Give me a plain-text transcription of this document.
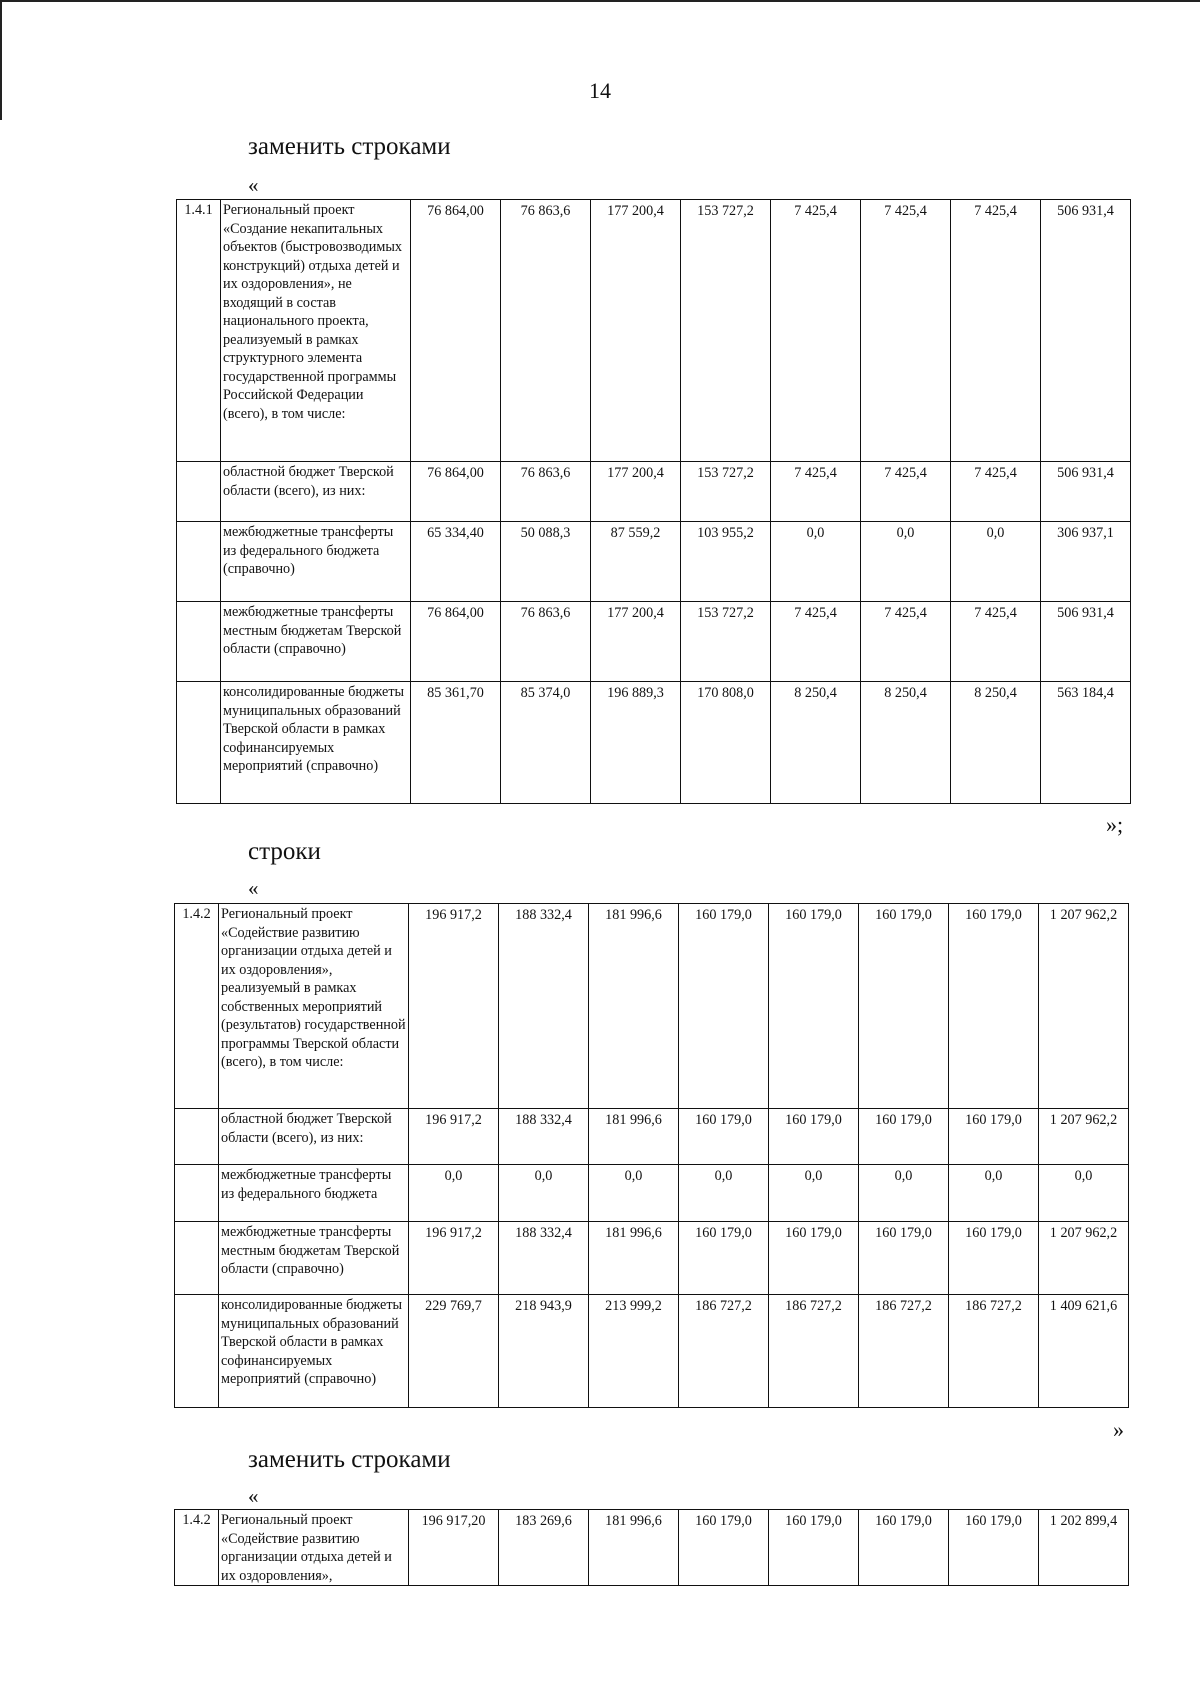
14
заменить строками
«
1.4.1	Региональный проект «Создание некапитальных объектов (быстровозводимых конструкций) отдыха детей и их оздоровления», не входящий в состав национального проекта, реализуемый в рамках структурного элемента государственной программы Российской Федерации (всего), в том числе:	76 864,00	76 863,6	177 200,4	153 727,2	7 425,4	7 425,4	7 425,4	506 931,4
	областной бюджет Тверской области (всего), из них:	76 864,00	76 863,6	177 200,4	153 727,2	7 425,4	7 425,4	7 425,4	506 931,4
	межбюджетные трансферты из федерального бюджета (справочно)	65 334,40	50 088,3	87 559,2	103 955,2	0,0	0,0	0,0	306 937,1
	межбюджетные трансферты местным бюджетам Тверской области (справочно)	76 864,00	76 863,6	177 200,4	153 727,2	7 425,4	7 425,4	7 425,4	506 931,4
	консолидированные бюджеты муниципальных образований Тверской области в рамках софинансируемых мероприятий (справочно)	85 361,70	85 374,0	196 889,3	170 808,0	8 250,4	8 250,4	8 250,4	563 184,4
»;
строки
«
1.4.2	Региональный проект «Содействие развитию организации отдыха детей и их оздоровления», реализуемый в рамках собственных мероприятий (результатов) государственной программы Тверской области (всего), в том числе:	196 917,2	188 332,4	181 996,6	160 179,0	160 179,0	160 179,0	160 179,0	1 207 962,2
	областной бюджет Тверской области (всего), из них:	196 917,2	188 332,4	181 996,6	160 179,0	160 179,0	160 179,0	160 179,0	1 207 962,2
	межбюджетные трансферты из федерального бюджета	0,0	0,0	0,0	0,0	0,0	0,0	0,0	0,0
	межбюджетные трансферты местным бюджетам Тверской области (справочно)	196 917,2	188 332,4	181 996,6	160 179,0	160 179,0	160 179,0	160 179,0	1 207 962,2
	консолидированные бюджеты муниципальных образований Тверской области в рамках софинансируемых мероприятий (справочно)	229 769,7	218 943,9	213 999,2	186 727,2	186 727,2	186 727,2	186 727,2	1 409 621,6
»
заменить строками
«
1.4.2	Региональный проект «Содействие развитию организации отдыха детей и их оздоровления»,	196 917,20	183 269,6	181 996,6	160 179,0	160 179,0	160 179,0	160 179,0	1 202 899,4
